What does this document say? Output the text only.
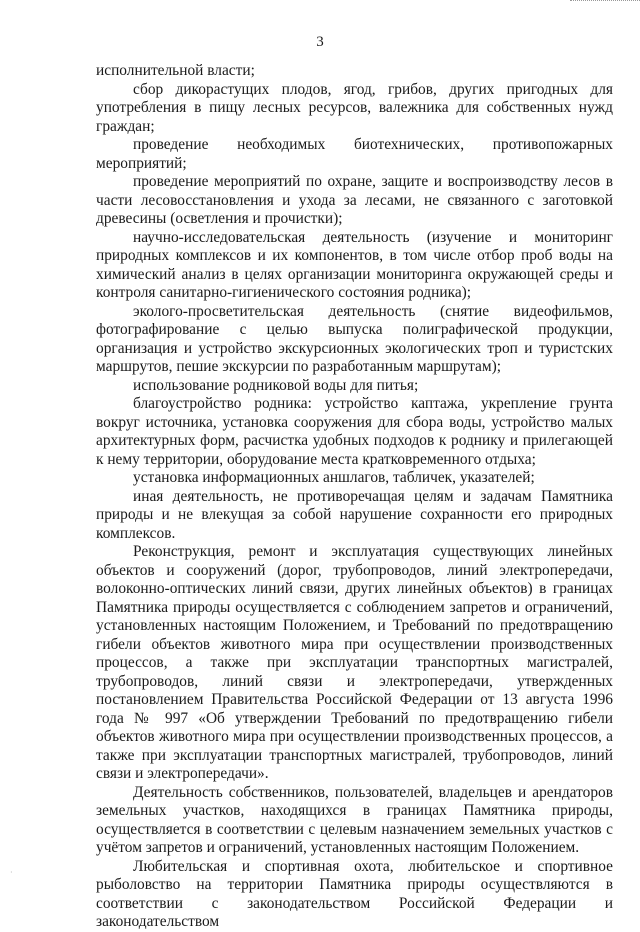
3

исполнительной власти;

сбор дикорастущих плодов, ягод, грибов, других пригодных для употребления в пищу лесных ресурсов, валежника для собственных нужд граждан;

проведение необходимых биотехнических, противопожарных мероприятий;

проведение мероприятий по охране, защите и воспроизводству лесов в части лесовосстановления и ухода за лесами, не связанного с заготовкой древесины (осветления и прочистки);

научно-исследовательская деятельность (изучение и мониторинг природных комплексов и их компонентов, в том числе отбор проб воды на химический анализ в целях организации мониторинга окружающей среды и контроля санитарно-гигиенического состояния родника);

эколого-просветительская деятельность (снятие видеофильмов, фотографирование с целью выпуска полиграфической продукции, организация и устройство экскурсионных экологических троп и туристских маршрутов, пешие экскурсии по разработанным маршрутам);

использование родниковой воды для питья;

благоустройство родника: устройство каптажа, укрепление грунта вокруг источника, установка сооружения для сбора воды, устройство малых архитектурных форм, расчистка удобных подходов к роднику и прилегающей к нему территории, оборудование места кратковременного отдыха;

установка информационных аншлагов, табличек, указателей;

иная деятельность, не противоречащая целям и задачам Памятника природы и не влекущая за собой нарушение сохранности его природных комплексов.

Реконструкция, ремонт и эксплуатация существующих линейных объектов и сооружений (дорог, трубопроводов, линий электропередачи, волоконно-оптических линий связи, других линейных объектов) в границах Памятника природы осуществляется с соблюдением запретов и ограничений, установленных настоящим Положением, и Требований по предотвращению гибели объектов животного мира при осуществлении производственных процессов, а также при эксплуатации транспортных магистралей, трубопроводов, линий связи и электропередачи, утвержденных постановлением Правительства Российской Федерации от 13 августа 1996 года № 997 «Об утверждении Требований по предотвращению гибели объектов животного мира при осуществлении производственных процессов, а также при эксплуатации транспортных магистралей, трубопроводов, линий связи и электропередачи».

Деятельность собственников, пользователей, владельцев и арендаторов земельных участков, находящихся в границах Памятника природы, осуществляется в соответствии с целевым назначением земельных участков с учётом запретов и ограничений, установленных настоящим Положением.

Любительская и спортивная охота, любительское и спортивное рыболовство на территории Памятника природы осуществляются в соответствии с законодательством Российской Федерации и законодательством

·
